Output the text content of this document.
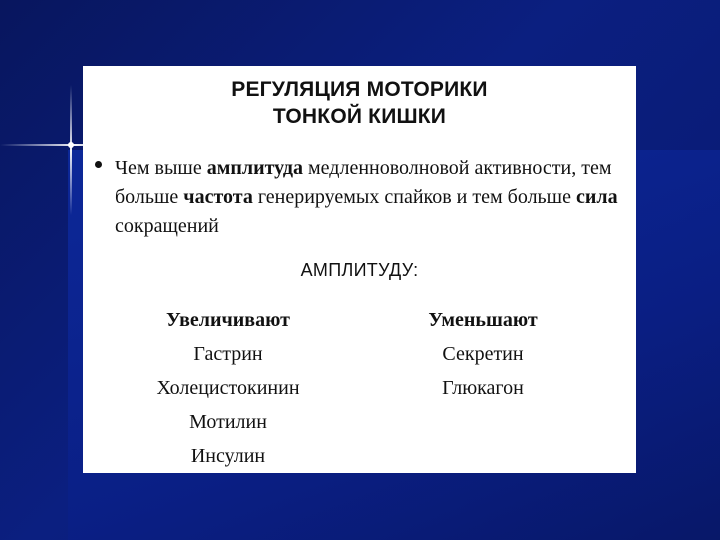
РЕГУЛЯЦИЯ МОТОРИКИ
ТОНКОЙ КИШКИ
Чем выше амплитуда медленноволновой активности, тем больше частота генерируемых спайков и тем больше сила сокращений
АМПЛИТУДУ:
Увеличивают
Гастрин
Холецистокинин
Мотилин
Инсулин
Уменьшают
Секретин
Глюкагон
